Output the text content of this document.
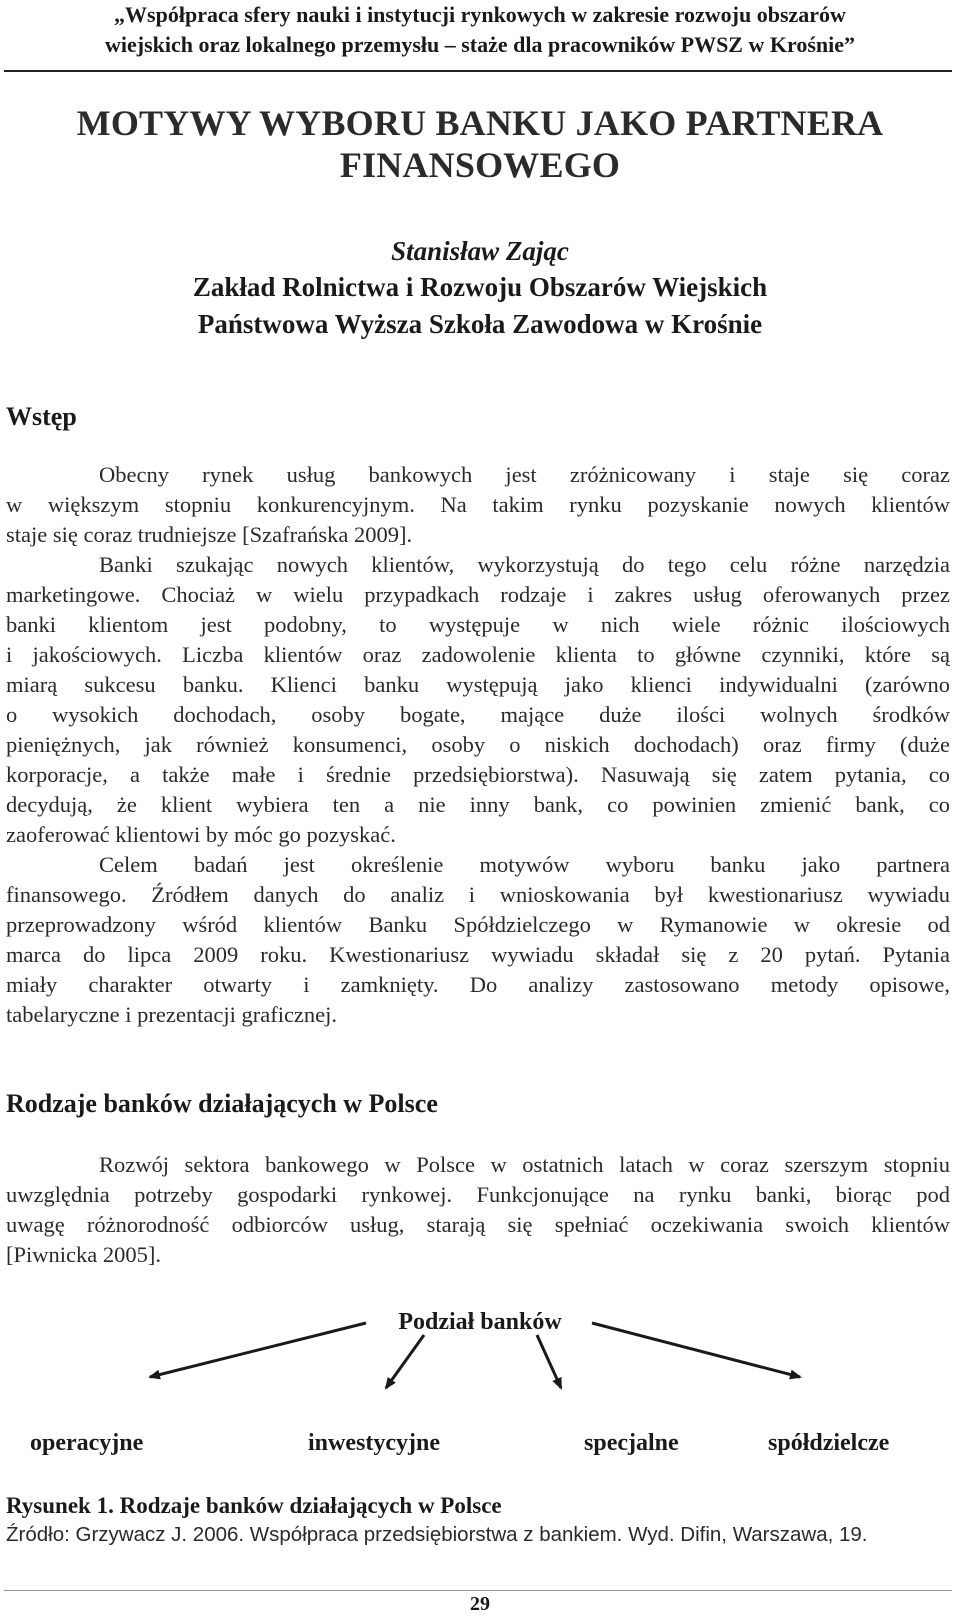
„Współpraca sfery nauki i instytucji rynkowych w zakresie rozwoju obszarów
wiejskich oraz lokalnego przemysłu – staże dla pracowników PWSZ w Krośnie”
MOTYWY WYBORU BANKU JAKO PARTNERA
FINANSOWEGO
Stanisław Zając
Zakład Rolnictwa i Rozwoju Obszarów Wiejskich
Państwowa Wyższa Szkoła Zawodowa w Krośnie
Wstęp
Obecny rynek usług bankowych jest zróżnicowany i staje się coraz
w większym stopniu konkurencyjnym. Na takim rynku pozyskanie nowych klientów
staje się coraz trudniejsze [Szafrańska 2009].
Banki szukając nowych klientów, wykorzystują do tego celu różne narzędzia
marketingowe. Chociaż w wielu przypadkach rodzaje i zakres usług oferowanych przez
banki klientom jest podobny, to występuje w nich wiele różnic ilościowych
i jakościowych. Liczba klientów oraz zadowolenie klienta to główne czynniki, które są
miarą sukcesu banku. Klienci banku występują jako klienci indywidualni (zarówno
o wysokich dochodach, osoby bogate, mające duże ilości wolnych środków
pieniężnych, jak również konsumenci, osoby o niskich dochodach) oraz firmy (duże
korporacje, a także małe i średnie przedsiębiorstwa). Nasuwają się zatem pytania, co
decydują, że klient wybiera ten a nie inny bank, co powinien zmienić bank, co
zaoferować klientowi by móc go pozyskać.
Celem badań jest określenie motywów wyboru banku jako partnera
finansowego. Źródłem danych do analiz i wnioskowania był kwestionariusz wywiadu
przeprowadzony wśród klientów Banku Spółdzielczego w Rymanowie w okresie od
marca do lipca 2009 roku. Kwestionariusz wywiadu składał się z 20 pytań. Pytania
miały charakter otwarty i zamknięty. Do analizy zastosowano metody opisowe,
tabelaryczne i prezentacji graficznej.
Rodzaje banków działających w Polsce
Rozwój sektora bankowego w Polsce w ostatnich latach w coraz szerszym stopniu
uwzględnia potrzeby gospodarki rynkowej. Funkcjonujące na rynku banki, biorąc pod
uwagę różnorodność odbiorców usług, starają się spełniać oczekiwania swoich klientów
[Piwnicka 2005].
Podział banków
operacyjne	inwestycyjne	specjalne	spółdzielcze
Rysunek 1. Rodzaje banków działających w Polsce
Źródło: Grzywacz J. 2006. Współpraca przedsiębiorstwa z bankiem. Wyd. Difin, Warszawa, 19.
29
